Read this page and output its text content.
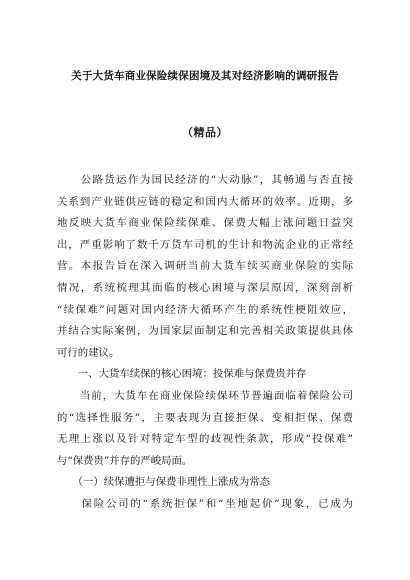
关于大货车商业保险续保困境及其对经济影响的调研报告
（精品）
　　公路货运作为国民经济的“大动脉”，其畅通与否直接
关系到产业链供应链的稳定和国内大循环的效率。近期，多
地反映大货车商业保险续保难、保费大幅上涨问题日益突
出，严重影响了数千万货车司机的生计和物流企业的正常经
营。本报告旨在深入调研当前大货车续买商业保险的实际
情况，系统梳理其面临的核心困境与深层原因，深刻剖析
“续保难”问题对国内经济大循环产生的系统性梗阻效应，
并结合实际案例，为国家层面制定和完善相关政策提供具体
可行的建议。
　　一、大货车续保的核心困境：投保难与保费贵并存
　　当前，大货车在商业保险续保环节普遍面临着保险公司
的“选择性服务”，主要表现为直接拒保、变相拒保、保费
无理上涨以及针对特定车型的歧视性条款，形成“投保难”
与“保费贵”并存的严峻局面。
　　（一）续保遭拒与保费非理性上涨成为常态
　　保险公司的“系统拒保”和“坐地起价”现象，已成为
